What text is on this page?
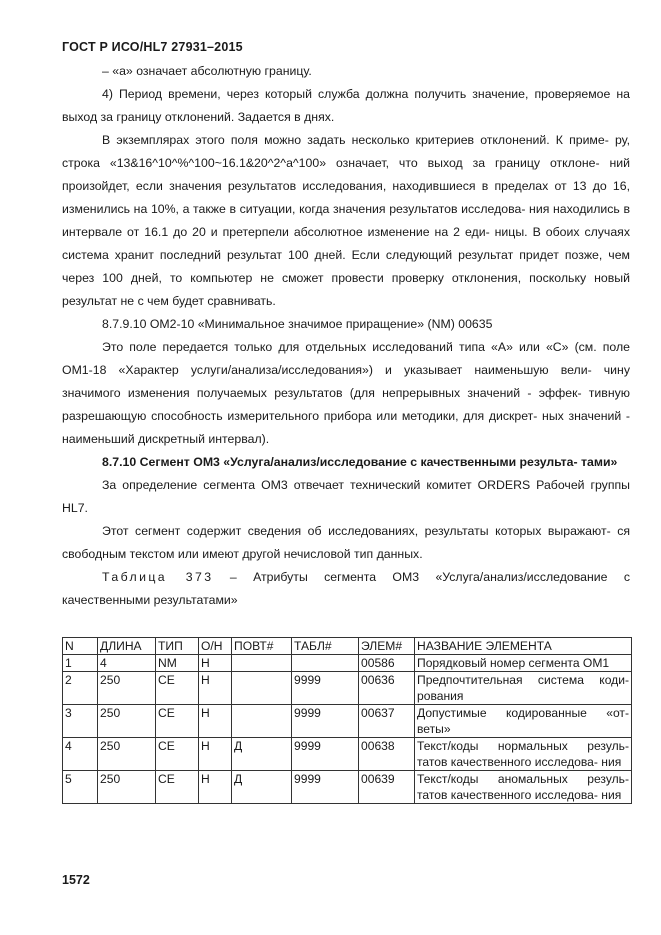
ГОСТ Р ИСО/HL7 27931–2015

– «а» означает абсолютную границу.

4) Период времени, через который служба должна получить значение, проверяемое на выход за границу отклонений. Задается в днях.

В экземплярах этого поля можно задать несколько критериев отклонений. К приме- ру, строка «13&16^10^%^100~16.1&20^2^a^100» означает, что выход за границу отклоне- ний произойдет, если значения результатов исследования, находившиеся в пределах от 13 до 16, изменились на 10%, а также в ситуации, когда значения результатов исследова- ния находились в интервале от 16.1 до 20 и претерпели абсолютное изменение на 2 еди- ницы. В обоих случаях система хранит последний результат 100 дней. Если следующий результат придет позже, чем через 100 дней, то компьютер не сможет провести проверку отклонения, поскольку новый результат не с чем будет сравнивать.

8.7.9.10 ОМ2-10 «Минимальное значимое приращение» (NM) 00635

Это поле передается только для отдельных исследований типа «А» или «С» (см. поле ОМ1-18 «Характер услуги/анализа/исследования») и указывает наименьшую вели- чину значимого изменения получаемых результатов (для непрерывных значений - эффек- тивную разрешающую способность измерительного прибора или методики, для дискрет- ных значений - наименьший дискретный интервал).

8.7.10 Сегмент ОМ3 «Услуга/анализ/исследование с качественными результа- тами»

За определение сегмента ОМ3 отвечает технический комитет ORDERS Рабочей группы HL7.

Этот сегмент содержит сведения об исследованиях, результаты которых выражают- ся свободным текстом или имеют другой нечисловой тип данных.

Таблица 373 – Атрибуты сегмента ОМ3 «Услуга/анализ/исследование с качественными результатами»

N	ДЛИНА	ТИП	О/Н	ПОВТ#	ТАБЛ#	ЭЛЕМ#	НАЗВАНИЕ ЭЛЕМЕНТА
1	4	NM	Н			00586	Порядковый номер сегмента ОМ1
2	250	CE	Н		9999	00636	Предпочтительная система коди- рования
3	250	CE	Н		9999	00637	Допустимые кодированные «от- веты»
4	250	CE	Н	Д	9999	00638	Текст/коды нормальных резуль- татов качественного исследова- ния
5	250	CE	Н	Д	9999	00639	Текст/коды аномальных резуль- татов качественного исследова- ния
1572
